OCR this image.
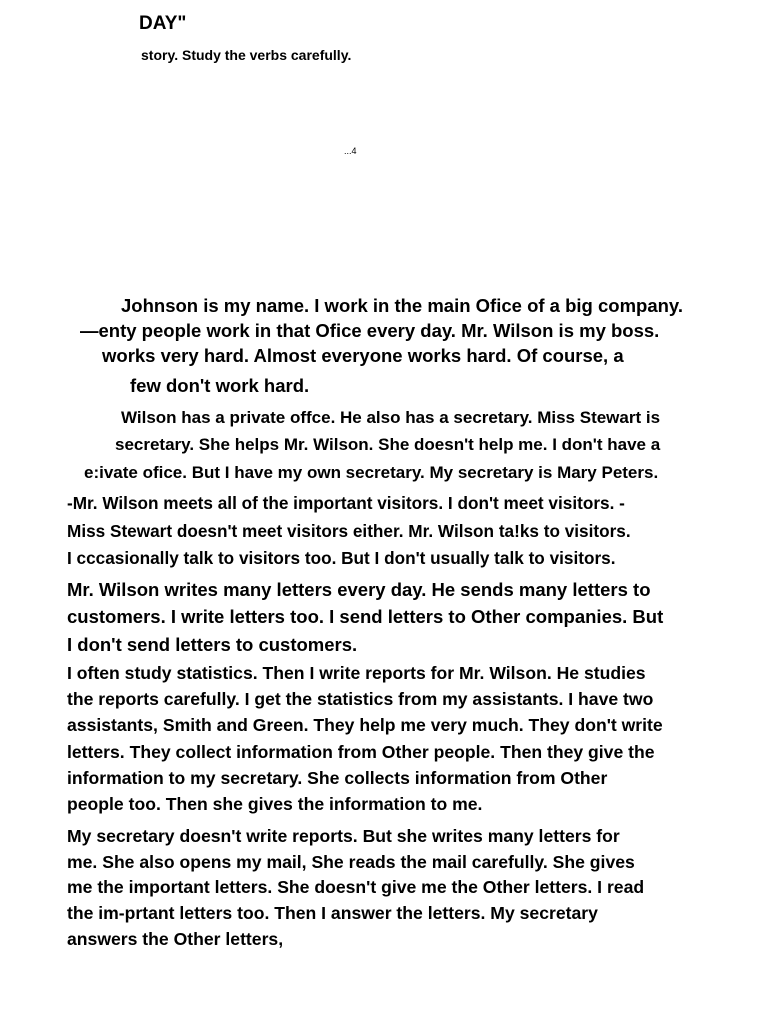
DAY"
story. Study the verbs carefully.
...4
Johnson is my name. I work in the main Ofice of a big company.
—enty people work in that Ofice every day. Mr. Wilson is my boss.
works very hard. Almost everyone works hard. Of course, a
few don't work hard.
Wilson has a private offce. He also has a secretary. Miss Stewart is
secretary. She helps Mr. Wilson. She doesn't help me. I don't have a
e:ivate ofice. But I have my own secretary. My secretary is Mary Peters.
-Mr. Wilson meets all of the important visitors. I don't meet visitors. -
Miss Stewart doesn't meet visitors either. Mr. Wilson ta!ks to visitors.
I cccasionally talk to visitors too. But I don't usually talk to visitors.
Mr. Wilson writes many letters every day. He sends many letters to
customers. I write letters too. I send letters to Other companies. But
I don't send letters to customers.
I often study statistics. Then I write reports for Mr. Wilson. He studies
the reports carefully. I get the statistics from my assistants. I have two
assistants, Smith and Green. They help me very much. They don't write
letters. They collect information from Other people. Then they give the
information to my secretary. She collects information from Other
people too. Then she gives the information to me.
My secretary doesn't write reports. But she writes many letters for
me. She also opens my mail, She reads the mail carefully. She gives
me the important letters. She doesn't give me the Other letters. I read
the im-prtant letters too. Then I answer the letters. My secretary
answers the Other letters,
